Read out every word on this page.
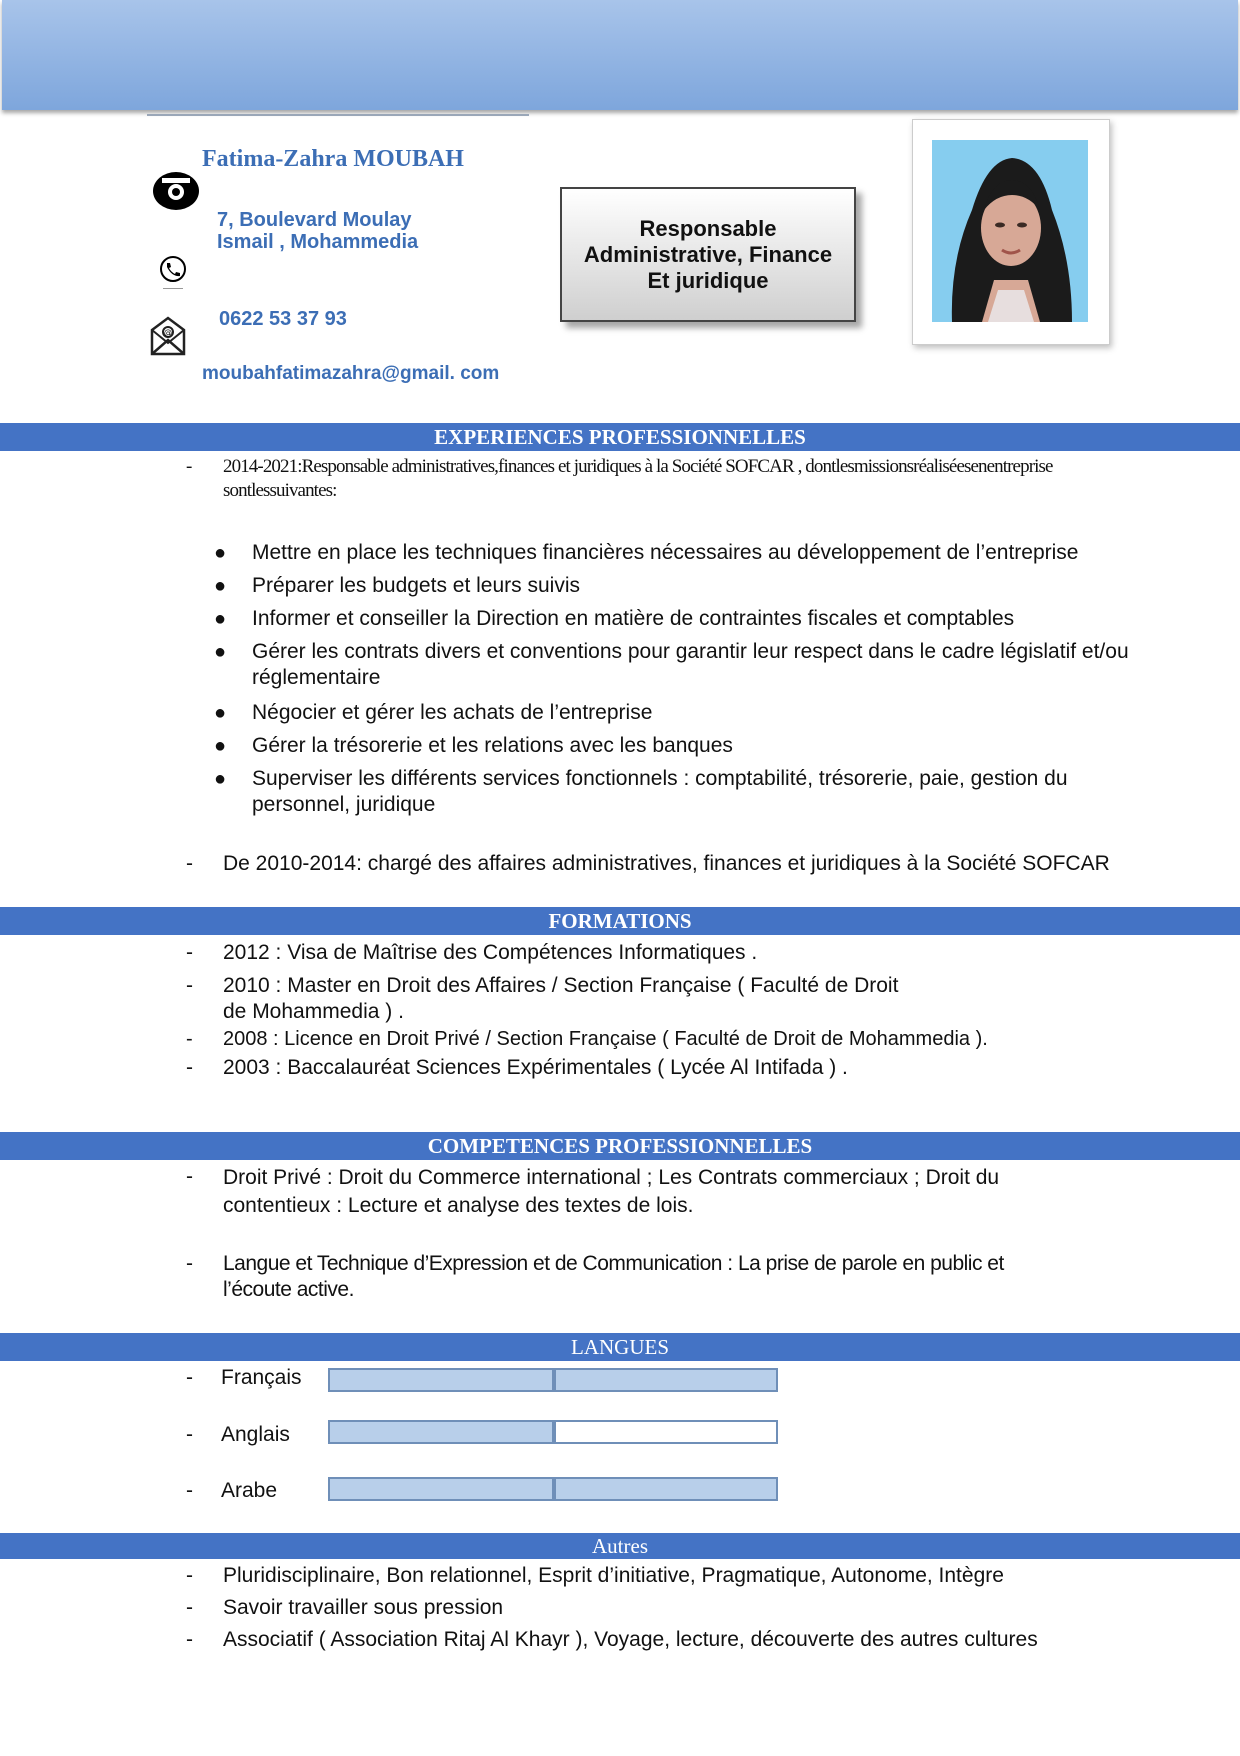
Fatima-Zahra MOUBAH
7, Boulevard Moulay
Ismail , Mohammedia
0622 53 37 93
@
moubahfatimazahra@gmail. com
Responsable
Administrative, Finance
Et juridique
EXPERIENCES PROFESSIONNELLES
- 2014-2021:Responsable administratives,finances et juridiques à la Société SOFCAR , dontlesmissionsréaliséesenentreprise
sontlessuivantes:
● Mettre en place les techniques financières nécessaires au développement de l’entreprise
● Préparer les budgets et leurs suivis
● Informer et conseiller la Direction en matière de contraintes fiscales et comptables
● Gérer les contrats divers et conventions pour garantir leur respect dans le cadre législatif et/ou réglementaire
● Négocier et gérer les achats de l’entreprise
● Gérer la trésorerie et les relations avec les banques
● Superviser les différents services fonctionnels : comptabilité, trésorerie, paie, gestion du personnel, juridique
- De 2010-2014: chargé des affaires administratives, finances et juridiques à la Société SOFCAR
FORMATIONS
- 2012 : Visa de Maîtrise des Compétences Informatiques .
- 2010 : Master en Droit des Affaires / Section Française ( Faculté de Droit de Mohammedia ) .
- 2008 : Licence en Droit Privé / Section Française ( Faculté de Droit de Mohammedia ).
- 2003 : Baccalauréat Sciences Expérimentales ( Lycée Al Intifada ) .
COMPETENCES PROFESSIONNELLES
- Droit Privé : Droit du Commerce international ; Les Contrats commerciaux ; Droit du contentieux : Lecture et analyse des textes de lois.
- Langue et Technique d’Expression et de Communication : La prise de parole en public et l’écoute active.
LANGUES
- Français
- Anglais
- Arabe
Autres
- Pluridisciplinaire, Bon relationnel, Esprit d’initiative, Pragmatique, Autonome, Intègre
- Savoir travailler sous pression
- Associatif ( Association Ritaj Al Khayr ), Voyage, lecture, découverte des autres cultures
